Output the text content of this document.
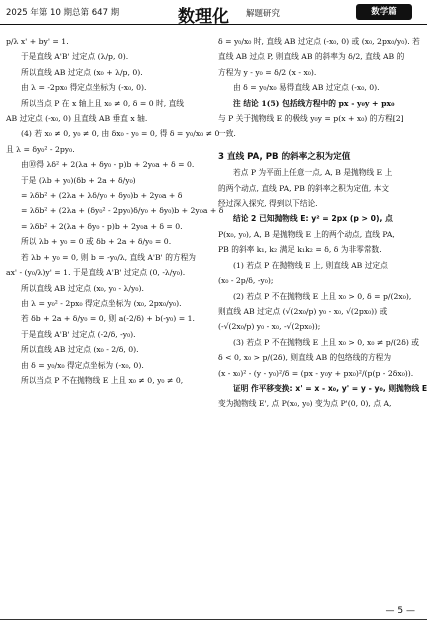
2025 年第 10 期总第 647 期	数理化 解题研究	数学篇

p/λ x' + by' = 1.

于是直线 A'B' 过定点 (λ/p, 0).

所以直线 AB 过定点 (x₀ + λ/p, 0).

由 λ = -2px₀ 得定点坐标为 (-x₀, 0).

所以当点 P 在 x 轴上且 x₀ ≠ 0, δ = 0 时, 直线

AB 过定点 (-x₀, 0) 且直线 AB 垂直 x 轴.

(4) 若 x₀ ≠ 0, y₀ ≠ 0, 由 δx₀ - y₀ = 0, 得 δ = y₀/x₀ ≠ 0

且 λ = δy₀² - 2py₀.

由⑩得 λδ² + 2(λa + δy₀ - p)b + 2y₀a + δ = 0.

于是 (λb + y₀)(δb + 2a + δ/y₀)

= λδb² + (2λa + λδ/y₀ + δy₀)b + 2y₀a + δ

= λδb² + (2λa + (δy₀² - 2py₀)δ/y₀ + δy₀)b + 2y₀a + δ

= λδb² + 2(λa + δy₀ - p)b + 2y₀a + δ = 0.

所以 λb + y₀ = 0 或 δb + 2a + δ/y₀ = 0.

若 λb + y₀ = 0, 则 b = -y₀/λ, 直线 A'B' 的方程为

ax' - (y₀/λ)y' = 1. 于是直线 A'B' 过定点 (0, -λ/y₀).

所以直线 AB 过定点 (x₀, y₀ - λ/y₀).

由 λ = y₀² - 2px₀ 得定点坐标为 (x₀, 2px₀/y₀).

若 δb + 2a + δ/y₀ = 0, 则 a(-2/δ) + b(-y₀) = 1.

于是直线 A'B' 过定点 (-2/δ, -y₀).

所以直线 AB 过定点 (x₀ - 2/δ, 0).

由 δ = y₀/x₀ 得定点坐标为 (-x₀, 0).

所以当点 P 不在抛物线 E 上且 x₀ ≠ 0, y₀ ≠ 0,

δ = y₀/x₀ 时, 直线 AB 过定点 (-x₀, 0) 或 (x₀, 2px₀/y₀). 若

直线 AB 过点 P, 则直线 AB 的斜率为 δ/2, 直线 AB 的

方程为 y - y₀ = δ/2 (x - x₀).

由 δ = y₀/x₀ 易得直线 AB 过定点 (-x₀, 0).

注 结论 1(5) 包括线方程中的 px - y₀y + px₀

与 P 关于抛物线 E 的极线 y₀y = p(x + x₀) 的方程[2]

一致.

3 直线 PA, PB 的斜率之积为定值

若点 P 为平面上任意一点, A, B 是抛物线 E 上

的两个动点, 直线 PA, PB 的斜率之积为定值, 本文

经过深入探究, 得到以下结论.

结论 2 已知抛物线 E: y² = 2px (p > 0), 点

P(x₀, y₀), A, B 是抛物线 E 上的两个动点, 直线 PA,

PB 的斜率 k₁, k₂ 满足 k₁k₂ = δ, δ 为非零常数.

(1) 若点 P 在抛物线 E 上, 则直线 AB 过定点

(x₀ - 2p/δ, -y₀);

(2) 若点 P 不在抛物线 E 上且 x₀ > 0, δ = p/(2x₀),

则直线 AB 过定点 (√(2x₀/p) y₀ - x₀, √(2px₀)) 或

(-√(2x₀/p) y₀ - x₀, -√(2px₀));

(3) 若点 P 不在抛物线 E 上且 x₀ > 0, x₀ ≠ p/(2δ) 或

δ < 0, x₀ > p/(2δ), 则直线 AB 的包络线的方程为

(x - x₀)² - (y - y₀)²/δ = (px - y₀y + px₀)²/(p(p - 2δx₀)).

证明 作平移变换: x' = x - x₀, y' = y - y₀, 则抛物线 E

变为抛物线 E', 点 P(x₀, y₀) 变为点 P'(0, 0), 点 A,

— 5 —
